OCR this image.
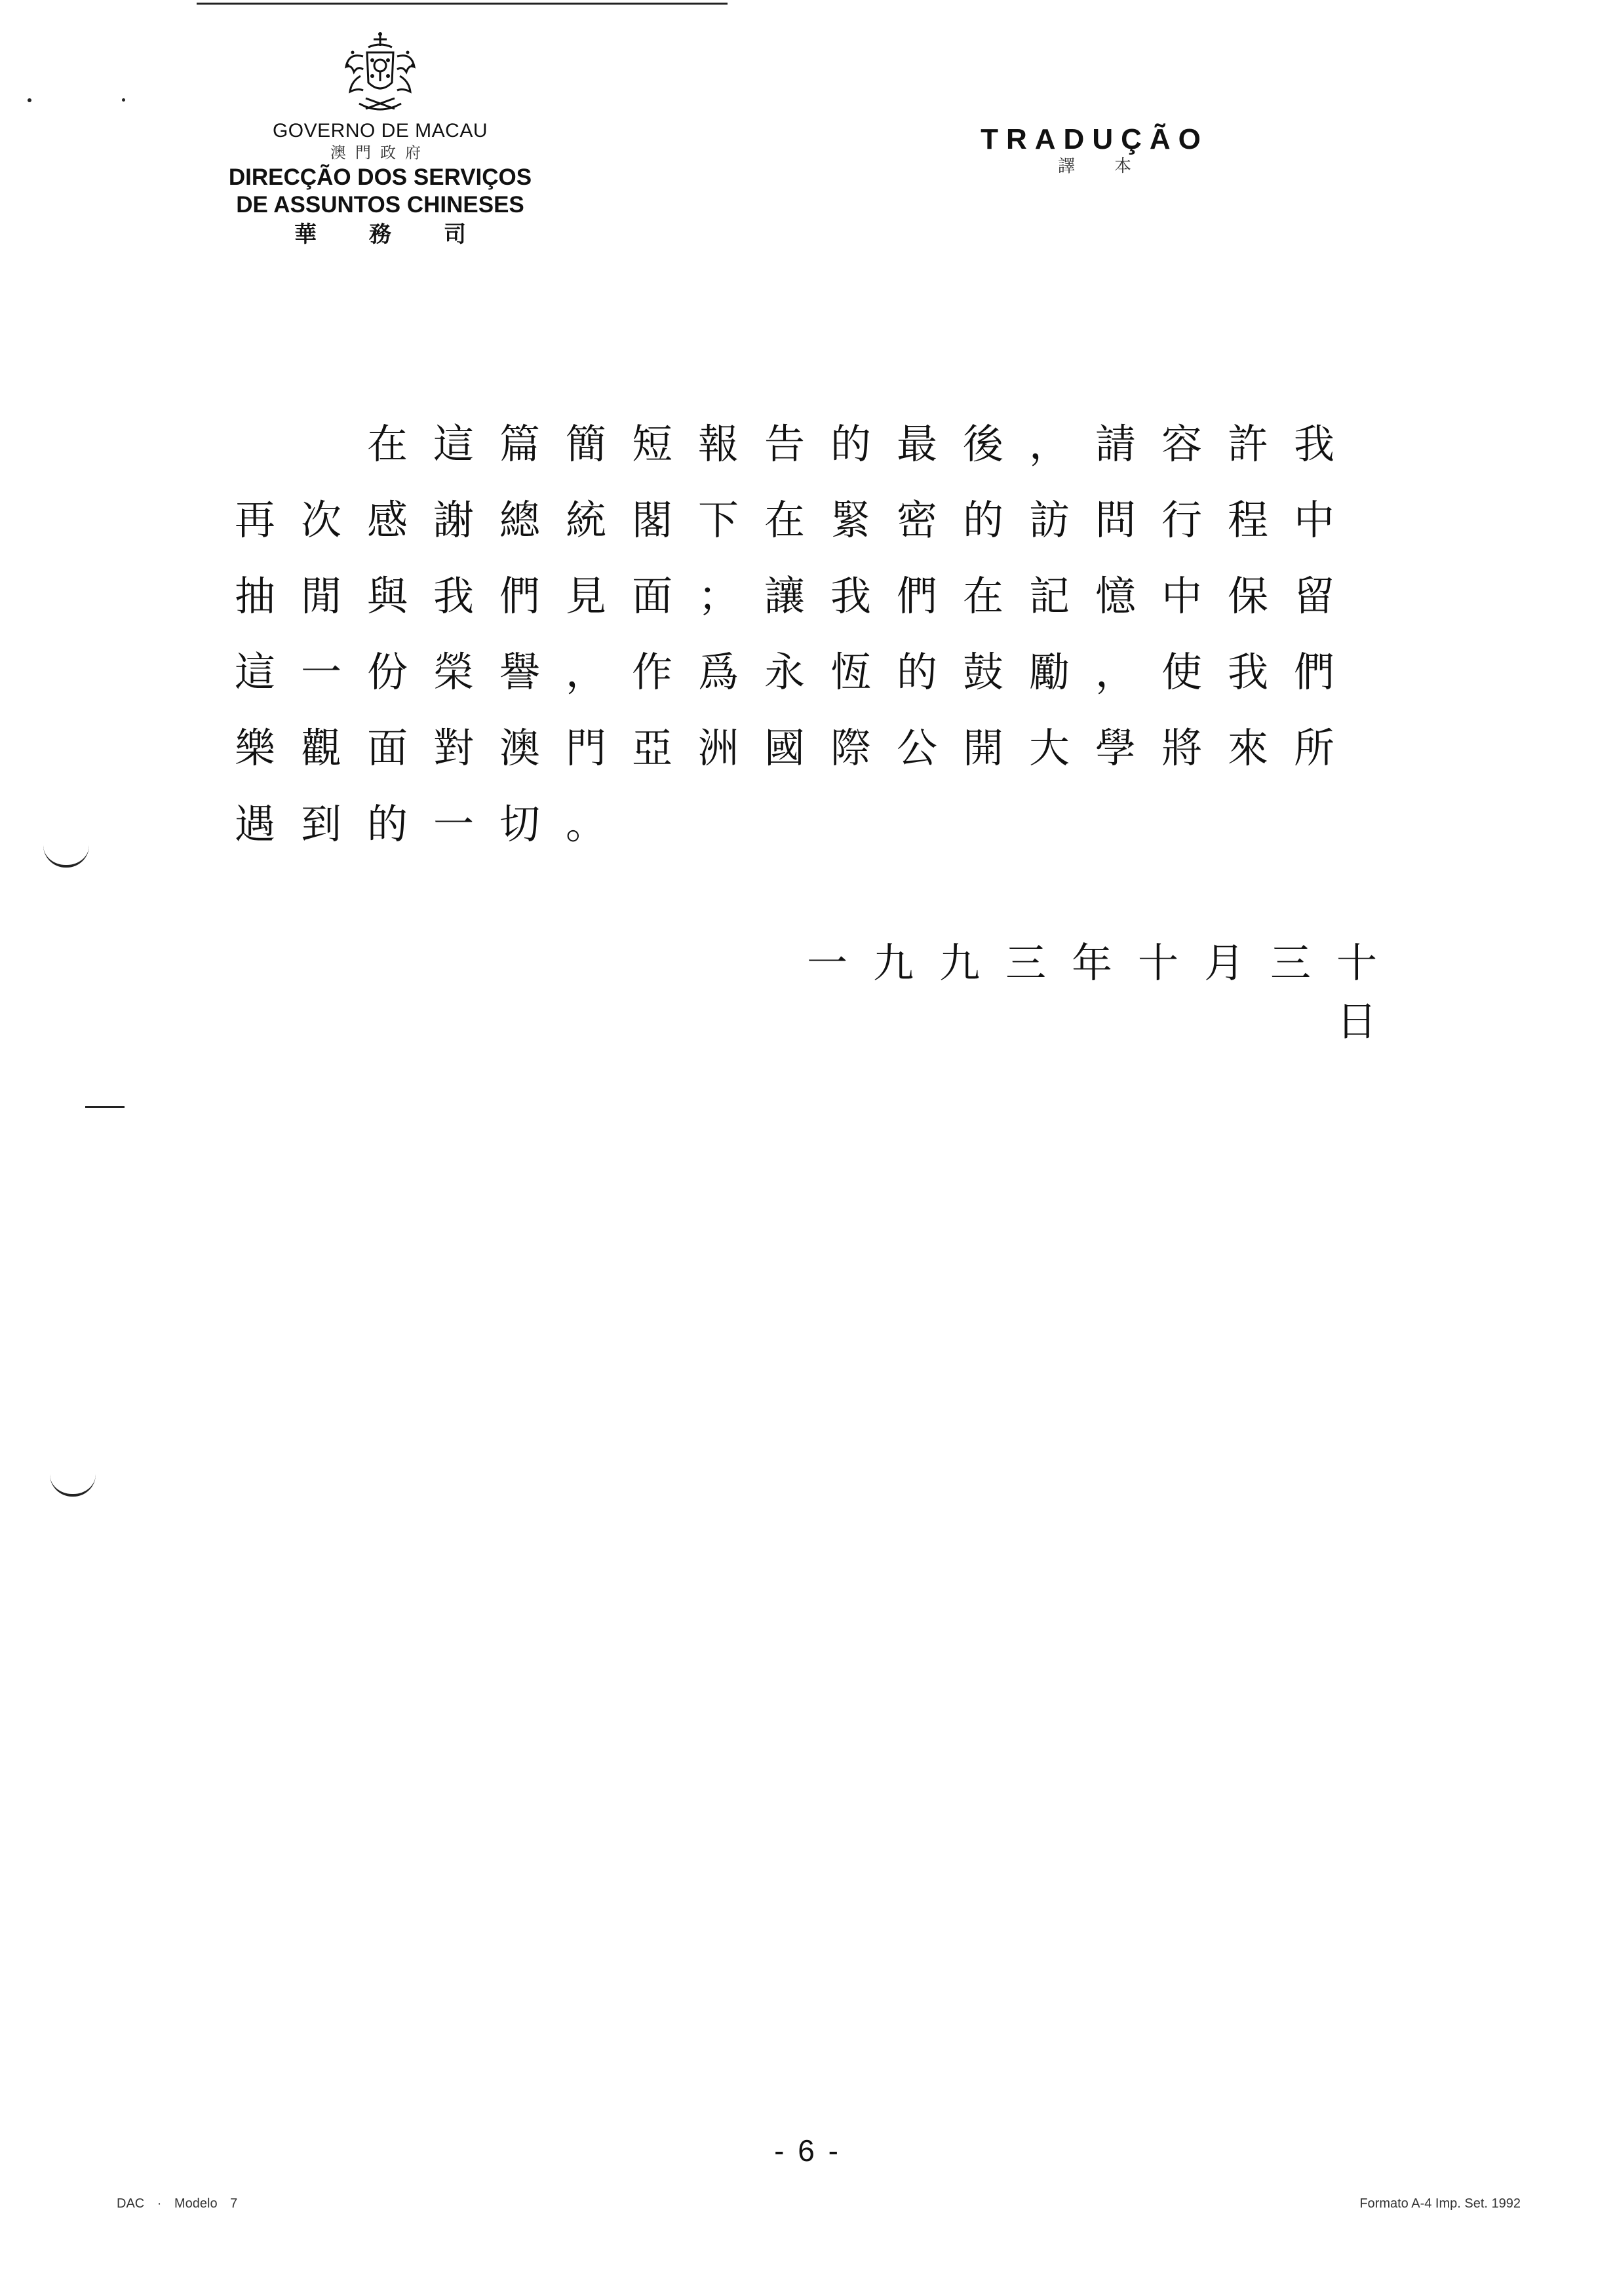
GOVERNO DE MACAU
澳門政府
DIRECÇÃO DOS SERVIÇOS
DE ASSUNTOS CHINESES
華務司
TRADUÇÃO
譯本

在這篇簡短報告的最後，請容許我再次感謝總統閣下在緊密的訪問行程中抽閒與我們見面；讓我們在記憶中保留這一份榮譽，作爲永恆的鼓勵，使我們樂觀面對澳門亞洲國際公開大學將來所遇到的一切。

一九九三年十月三十日
- 6 -
DAC · Modelo 7	Formato A-4 Imp. Set. 1992
